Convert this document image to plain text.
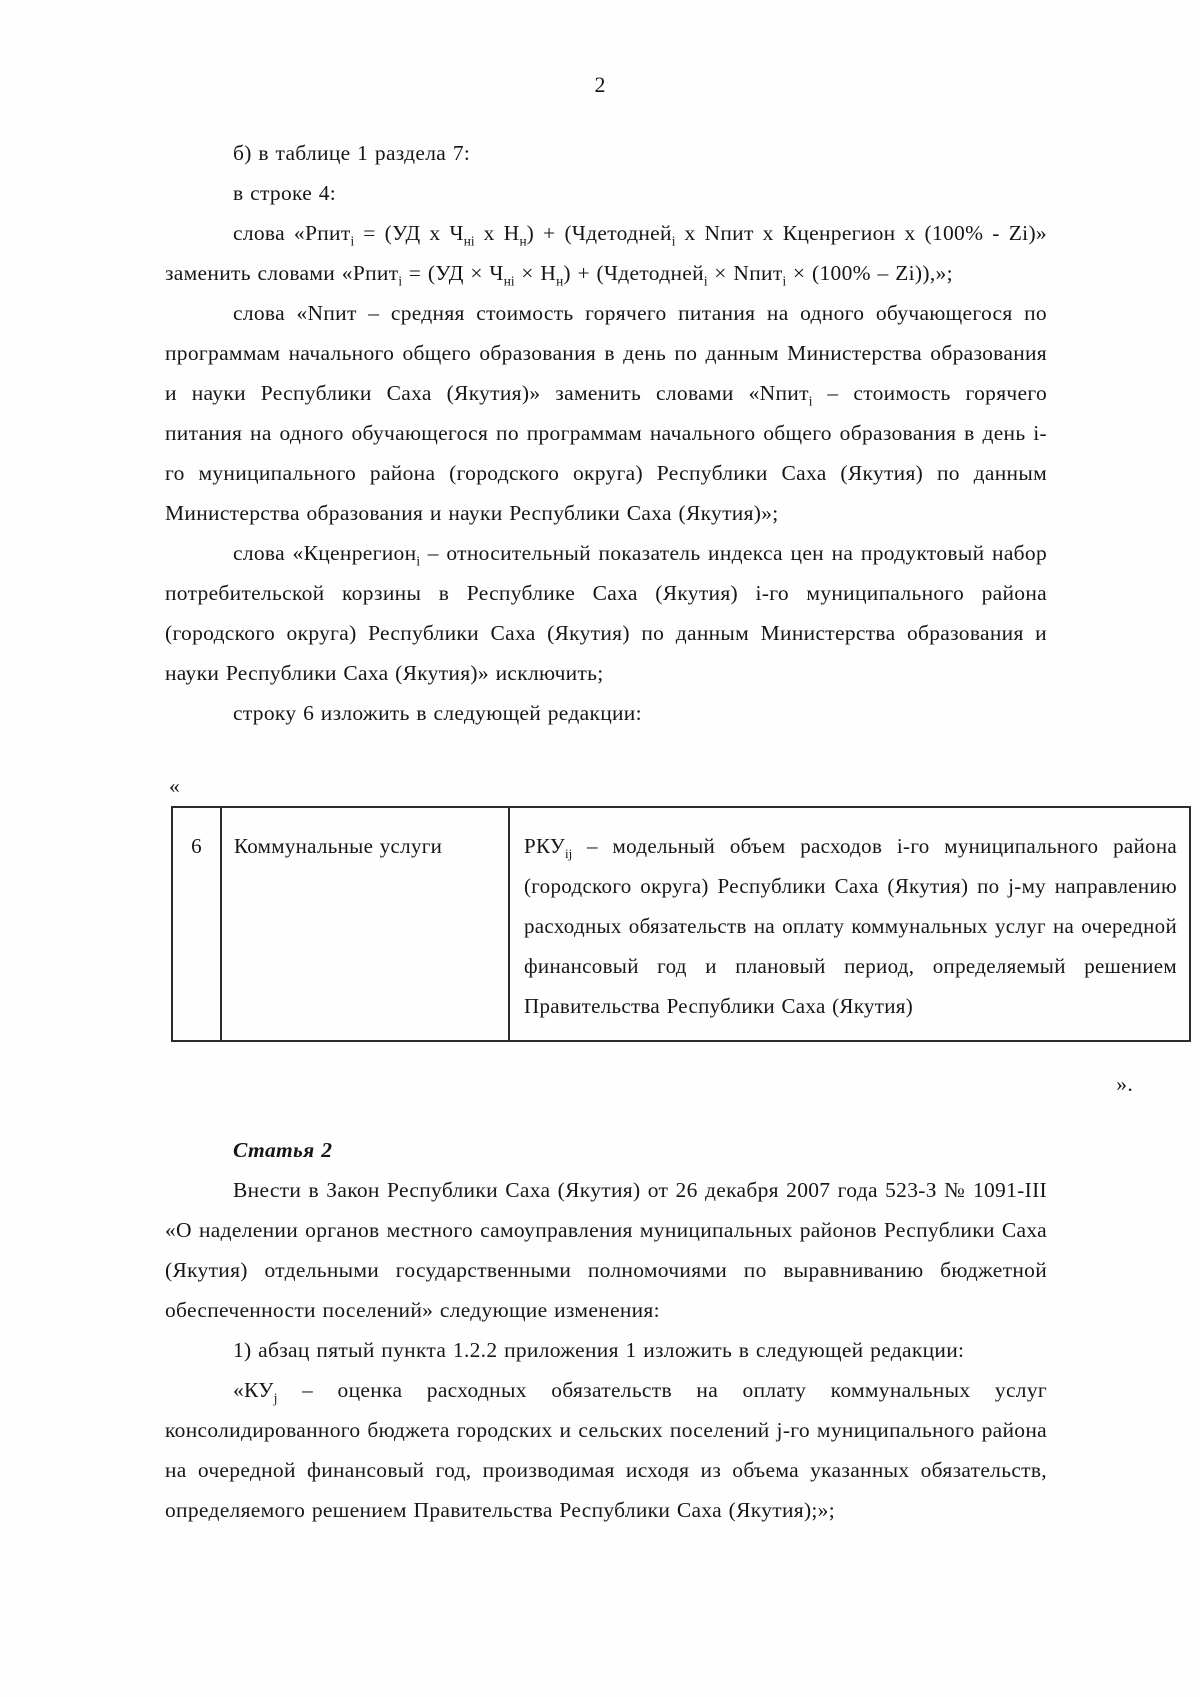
2

б) в таблице 1 раздела 7:

в строке 4:

слова «Рпит$_i$ = (УД х $Ч_{нi}$ х $Н_н$) + (Чдетодней$_i$ х Nпит х Кценрегион х (100% - Zi)» заменить словами «Рпит$_i$ = $(УД \times Ч_{нi} \times Н_н)$ + (Чдетодней$_i$ × Nпит$_i$ × (100% – Zi)),»;

слова «Nпит – средняя стоимость горячего питания на одного обучающегося по программам начального общего образования в день по данным Министерства образования и науки Республики Саха (Якутия)» заменить словами «Nпит$_i$ – стоимость горячего питания на одного обучающегося по программам начального общего образования в день i-го муниципального района (городского округа) Республики Саха (Якутия) по данным Министерства образования и науки Республики Саха (Якутия)»;

слова «Кценрегион$_i$ – относительный показатель индекса цен на продуктовый набор потребительской корзины в Республике Саха (Якутия) i-го муниципального района (городского округа) Республики Саха (Якутия) по данным Министерства образования и науки Республики Саха (Якутия)» исключить;

строку 6 изложить в следующей редакции:

«
6	Коммунальные услуги	$РКУ_{ij}$ – модельный объем расходов i-го муниципального района (городского округа) Республики Саха (Якутия) по j-му направлению расходных обязательств на оплату коммунальных услуг на очередной финансовый год и плановый период, определяемый решением Правительства Республики Саха (Якутия)
».

Статья 2

Внести в Закон Республики Саха (Якутия) от 26 декабря 2007 года 523-З № 1091-III «О наделении органов местного самоуправления муниципальных районов Республики Саха (Якутия) отдельными государственными полномочиями по выравниванию бюджетной обеспеченности поселений» следующие изменения:

1) абзац пятый пункта 1.2.2 приложения 1 изложить в следующей редакции:

«$КУ_j$ – оценка расходных обязательств на оплату коммунальных услуг консолидированного бюджета городских и сельских поселений j-го муниципального района на очередной финансовый год, производимая исходя из объема указанных обязательств, определяемого решением Правительства Республики Саха (Якутия);»;
